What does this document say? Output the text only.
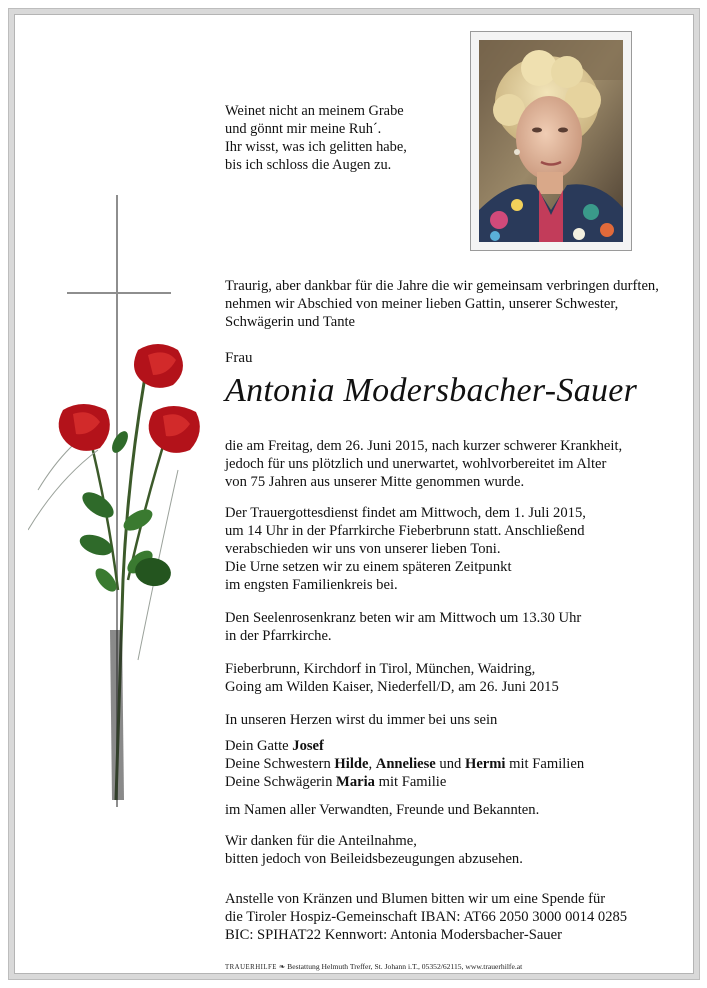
Weinet nicht an meinem Grabe
und gönnt mir meine Ruh´.
Ihr wisst, was ich gelitten habe,
bis ich schloss die Augen zu.
Traurig, aber dankbar für die Jahre die wir gemeinsam verbringen durften,
nehmen wir Abschied von meiner lieben Gattin, unserer Schwester,
Schwägerin und Tante
Frau
Antonia Modersbacher-Sauer
die am Freitag, dem 26. Juni 2015, nach kurzer schwerer Krankheit,
jedoch für uns plötzlich und unerwartet, wohlvorbereitet im Alter
von 75 Jahren aus unserer Mitte genommen wurde.
Der Trauergottesdienst findet am Mittwoch, dem 1. Juli 2015,
um 14 Uhr in der Pfarrkirche Fieberbrunn statt. Anschließend
verabschieden wir uns von unserer lieben Toni.
Die Urne setzen wir zu einem späteren Zeitpunkt
im engsten Familienkreis bei.
Den Seelenrosenkranz beten wir am Mittwoch um 13.30 Uhr
in der Pfarrkirche.
Fieberbrunn, Kirchdorf in Tirol, München, Waidring,
Going am Wilden Kaiser, Niederfell/D, am 26. Juni 2015
In unseren Herzen wirst du immer bei uns sein
Dein Gatte Josef
Deine Schwestern Hilde, Anneliese und Hermi mit Familien
Deine Schwägerin Maria mit Familie
im Namen aller Verwandten, Freunde und Bekannten.
Wir danken für die Anteilnahme,
bitten jedoch von Beileidsbezeugungen abzusehen.
Anstelle von Kränzen und Blumen bitten wir um eine Spende für
die Tiroler Hospiz-Gemeinschaft IBAN: AT66 2050 3000 0014 0285
BIC: SPIHAT22 Kennwort: Antonia Modersbacher-Sauer
TRAUERHILFE ❧ Bestattung Helmuth Treffer, St. Johann i.T., 05352/62115, www.trauerhilfe.at
